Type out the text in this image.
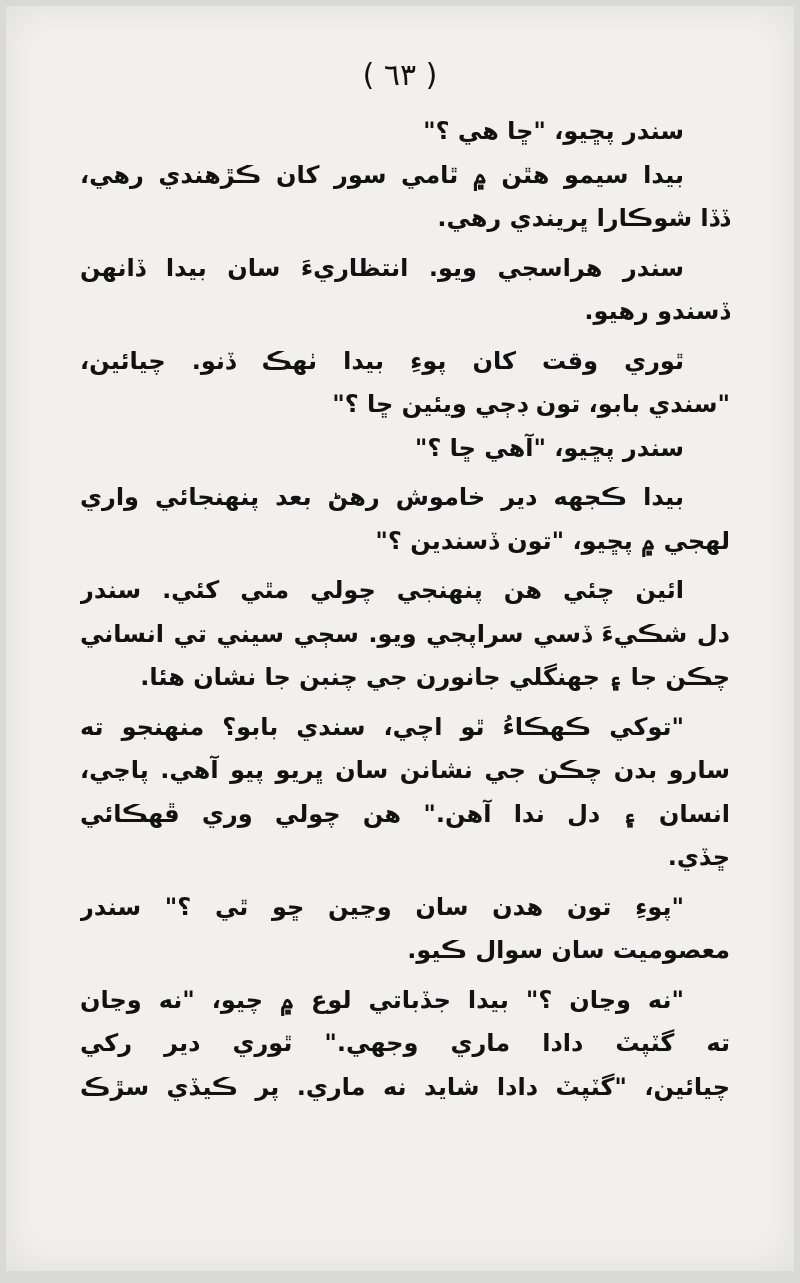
( ٦٣ )
سندر پڇيو، "ڇا هي ؟"
بيدا سيمو هٿن ۾ ٿامي سور کان ڪڙهندي رهي،
ڏڏا شوڪارا ڀريندي رهي.
سندر هراسجي ويو. انتظاريءَ سان بيدا ڏانهن
ڏسندو رهيو.
ٿوري وقت کان پوءِ بيدا ٺهڪ ڏنو. چيائين،
"سندي بابو، تون ڊڄي ويئين ڇا ؟"
سندر پڇيو، "آهي ڇا ؟"
بيدا ڪجهه دير خاموش رهڻ بعد پنهنجائي واري
لهجي ۾ پڇيو، "تون ڏسندين ؟"
ائين چئي هن پنهنجي چولي مٿي کئي. سندر
دل شڪيءَ ڏسي سراپجي ويو. سڄي سيني تي انساني
چڪن جا ۽ جهنگلي جانورن جي چنبن جا نشان هئا.
"توکي ڪهڪاءُ ٿو اچي، سندي بابو؟ منهنجو ته
سارو بدن چڪن جي نشانن سان ڀريو پيو آهي. پاڃي،
انسان ۽ دل ندا آهن." هن چولي وري ڦهڪائي
ڇڏي.
"پوءِ تون هدن سان وڃين ڇو ٿي ؟" سندر
معصوميت سان سوال ڪيو.
"نه وڃان ؟" بيدا جڏباتي لوع ۾ چيو، "نه وڃان
ته گٽپٽ دادا ماري وجهي." ٿوري دير رکي
چيائين، "گٽپٽ دادا شايد نه ماري. پر ڪيڏي سڙڪ
